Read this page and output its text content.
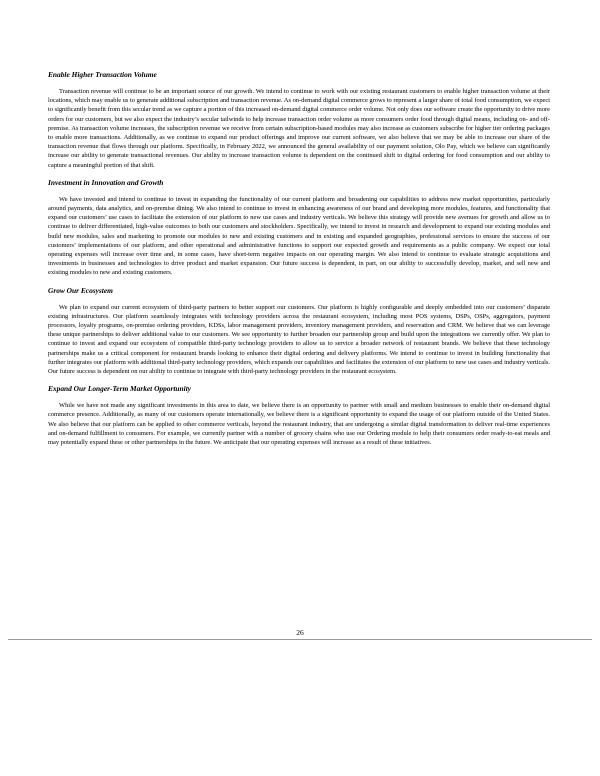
Enable Higher Transaction Volume

Transaction revenue will continue to be an important source of our growth. We intend to continue to work with our existing restaurant customers to enable higher transaction volume at their locations, which may enable us to generate additional subscription and transaction revenue. As on-demand digital commerce grows to represent a larger share of total food consumption, we expect to significantly benefit from this secular trend as we capture a portion of this increased on-demand digital commerce order volume. Not only does our software create the opportunity to drive more orders for our customers, but we also expect the industry’s secular tailwinds to help increase transaction order volume as more consumers order food through digital means, including on- and off-premise. As transaction volume increases, the subscription revenue we receive from certain subscription-based modules may also increase as customers subscribe for higher tier ordering packages to enable more transactions. Additionally, as we continue to expand our product offerings and improve our current software, we also believe that we may be able to increase our share of the transaction revenue that flows through our platform. Specifically, in February 2022, we announced the general availability of our payment solution, Olo Pay, which we believe can significantly increase our ability to generate transactional revenues. Our ability to increase transaction volume is dependent on the continued shift to digital ordering for food consumption and our ability to capture a meaningful portion of that shift.

Investment in Innovation and Growth

We have invested and intend to continue to invest in expanding the functionality of our current platform and broadening our capabilities to address new market opportunities, particularly around payments, data analytics, and on-premise dining. We also intend to continue to invest in enhancing awareness of our brand and developing more modules, features, and functionality that expand our customers’ use cases to facilitate the extension of our platform to new use cases and industry verticals. We believe this strategy will provide new avenues for growth and allow us to continue to deliver differentiated, high-value outcomes to both our customers and stockholders. Specifically, we intend to invest in research and development to expand our existing modules and build new modules, sales and marketing to promote our modules to new and existing customers and in existing and expanded geographies, professional services to ensure the success of our customers’ implementations of our platform, and other operational and administrative functions to support our expected growth and requirements as a public company. We expect our total operating expenses will increase over time and, in some cases, have short-term negative impacts on our operating margin. We also intend to continue to evaluate strategic acquisitions and investments in businesses and technologies to drive product and market expansion. Our future success is dependent, in part, on our ability to successfully develop, market, and sell new and existing modules to new and existing customers.

Grow Our Ecosystem

We plan to expand our current ecosystem of third-party partners to better support our customers. Our platform is highly configurable and deeply embedded into our customers’ disparate existing infrastructures. Our platform seamlessly integrates with technology providers across the restaurant ecosystem, including most POS systems, DSPs, OSPs, aggregators, payment processors, loyalty programs, on-premise ordering providers, KDSs, labor management providers, inventory management providers, and reservation and CRM. We believe that we can leverage these unique partnerships to deliver additional value to our customers. We see opportunity to further broaden our partnership group and build upon the integrations we currently offer. We plan to continue to invest and expand our ecosystem of compatible third-party technology providers to allow us to service a broader network of restaurant brands. We believe that these technology partnerships make us a critical component for restaurant brands looking to enhance their digital ordering and delivery platforms. We intend to continue to invest in building functionality that further integrates our platform with additional third-party technology providers, which expands our capabilities and facilitates the extension of our platform to new use cases and industry verticals. Our future success is dependent on our ability to continue to integrate with third-party technology providers in the restaurant ecosystem.

Expand Our Longer-Term Market Opportunity

While we have not made any significant investments in this area to date, we believe there is an opportunity to partner with small and medium businesses to enable their on-demand digital commerce presence. Additionally, as many of our customers operate internationally, we believe there is a significant opportunity to expand the usage of our platform outside of the United States. We also believe that our platform can be applied to other commerce verticals, beyond the restaurant industry, that are undergoing a similar digital transformation to deliver real-time experiences and on-demand fulfillment to consumers. For example, we currently partner with a number of grocery chains who use our Ordering module to help their consumers order ready-to-eat meals and may potentially expand these or other partnerships in the future. We anticipate that our operating expenses will increase as a result of these initiatives.

26
